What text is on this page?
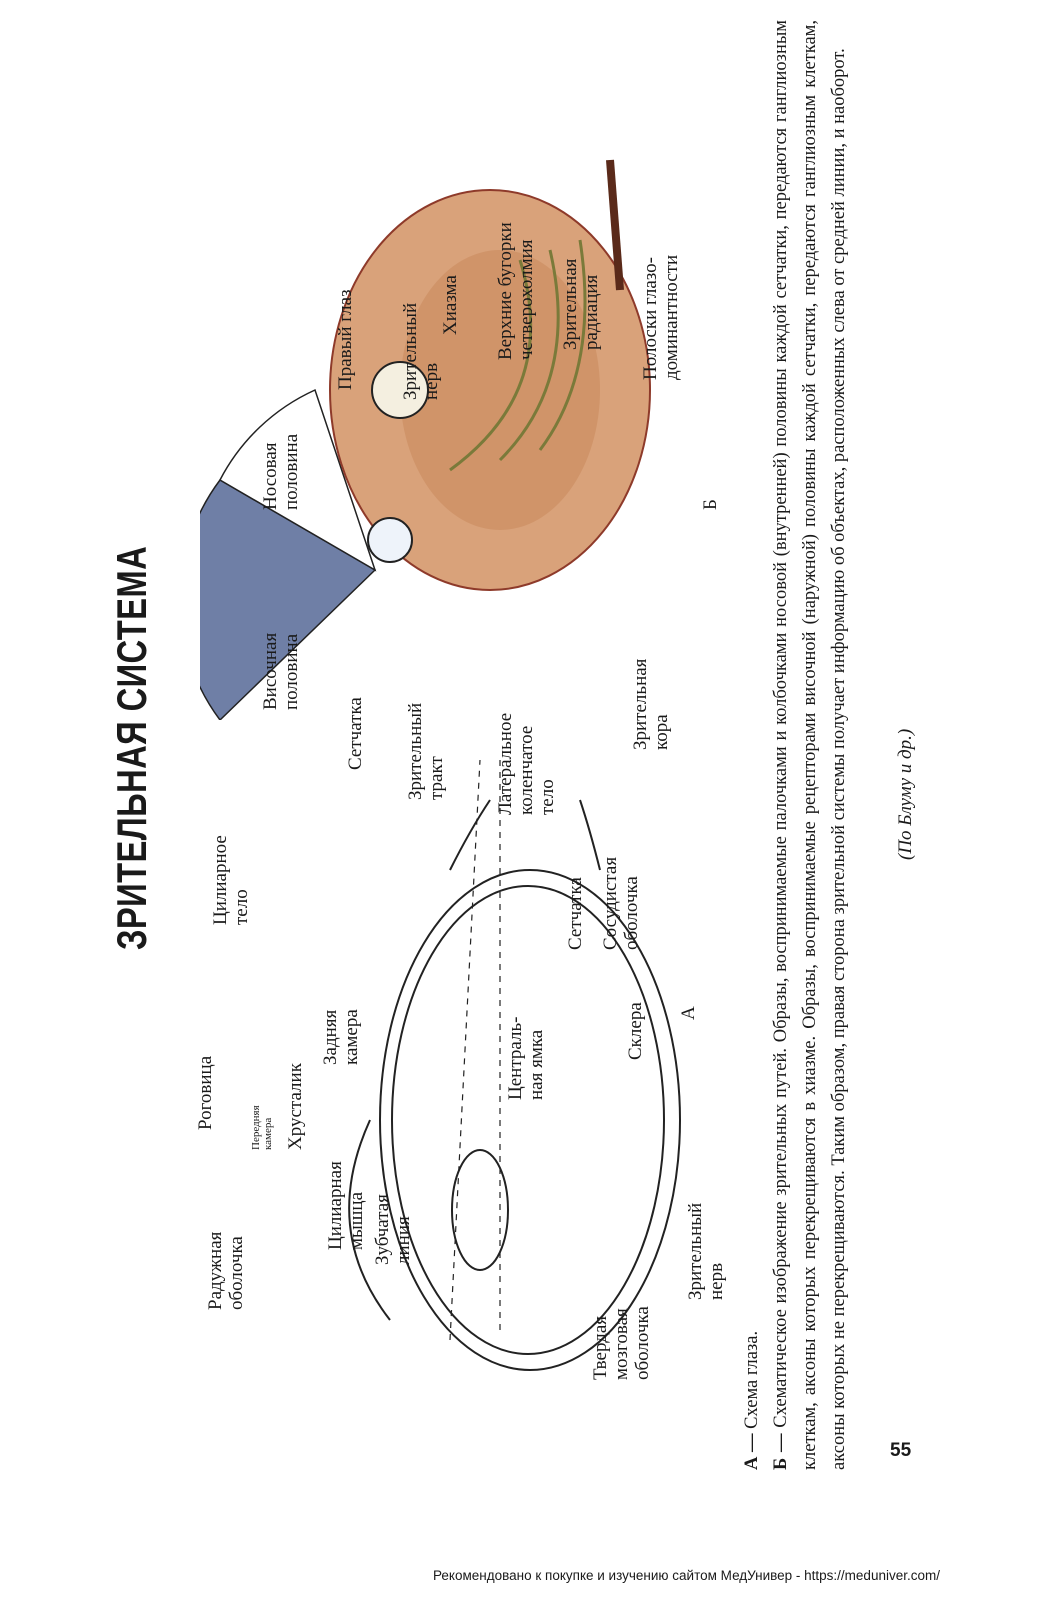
ЗРИТЕЛЬНАЯ СИСТЕМА
Радужная
оболочка
Роговица
Цилиарное
тело
Передняя
камера Хрусталик
Задняя
камера
Цилиарная
мышца Зубчатая
линия
Твердая
мозговая
оболочка
Зрительный
нерв
Централь-
ная ямка	Склера
Сосудистая
оболочка
Сетчатка
А
Височная
половина
Носовая
половина
Сетчатка
Правый глаз Зрительный
нерв
Хиазма
Зрительный
тракт
Верхние бугорки
четверохолмия
Латеральное
коленчатое
тело
Зрительная
радиация
Зрительная
кора
Полоски глазо-
доминантности
Б
А — Схема глаза.
Б — Схематическое изображение зрительных путей. Образы, воспринимаемые палочками и колбочками носовой (внутренней) половины каждой сетчатки, передаются ганглиозным клеткам, аксоны которых перекрещиваются в хиазме. Образы, воспринимаемые рецепторами височной (наружной) половины каждой сетчатки, передаются ганглиозным клеткам, аксоны которых не перекрещиваются. Таким образом, правая сторона зрительной системы получает информацию об объектах, расположенных слева от средней линии, и наоборот. (По Блуму и др.)
55
Рекомендовано к покупке и изучению сайтом МедУнивер - https://meduniver.com/
